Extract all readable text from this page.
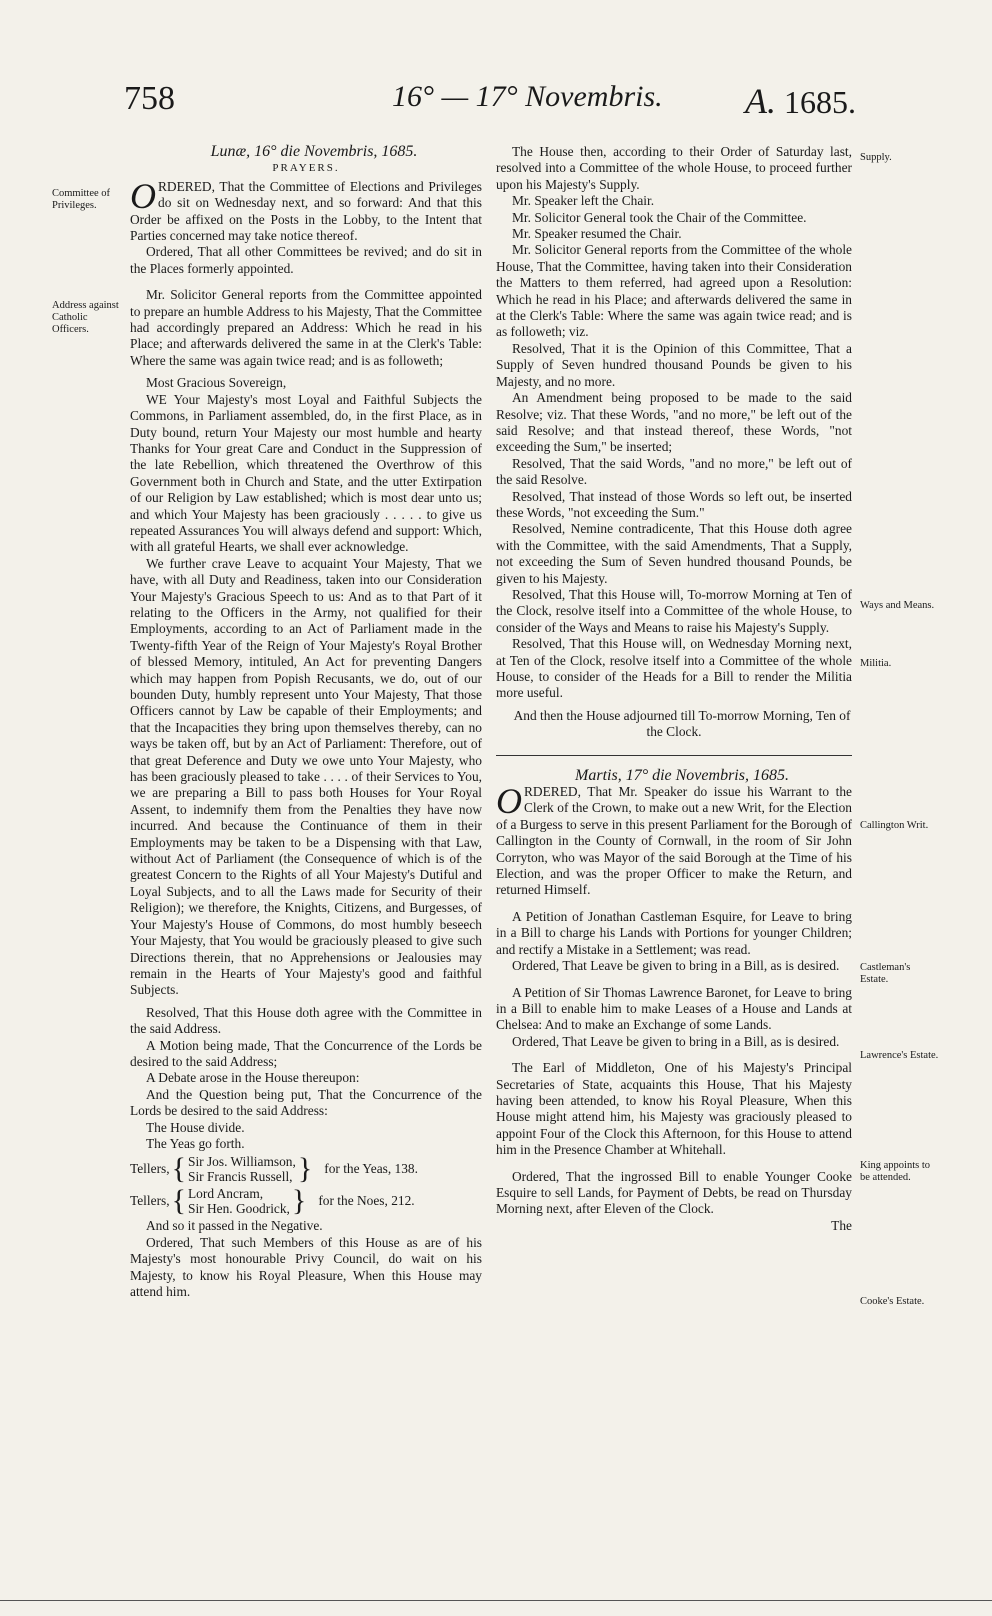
758	16° — 17° Novembris. A. 1685.
Committee of Privileges.
Address against Catholic Officers.
Supply.
Ways and Means.
Militia.
Callington Writ.
Castleman's Estate.
Lawrence's Estate.
King appoints to be attended.
Cooke's Estate.

Lunæ, 16° die Novembris, 1685.

PRAYERS.

ORDERED, That the Committee of Elections and Privileges do sit on Wednesday next, and so forward: And that this Order be affixed on the Posts in the Lobby, to the Intent that Parties concerned may take notice thereof.

Ordered, That all other Committees be revived; and do sit in the Places formerly appointed.

Mr. Solicitor General reports from the Committee appointed to prepare an humble Address to his Majesty, That the Committee had accordingly prepared an Address: Which he read in his Place; and afterwards delivered the same in at the Clerk's Table: Where the same was again twice read; and is as followeth;

Most Gracious Sovereign,

WE Your Majesty's most Loyal and Faithful Subjects the Commons, in Parliament assembled, do, in the first Place, as in Duty bound, return Your Majesty our most humble and hearty Thanks for Your great Care and Conduct in the Suppression of the late Rebellion, which threatened the Overthrow of this Government both in Church and State, and the utter Extirpation of our Religion by Law established; which is most dear unto us; and which Your Majesty has been graciously . . . . . to give us repeated Assurances You will always defend and support: Which, with all grateful Hearts, we shall ever acknowledge.

We further crave Leave to acquaint Your Majesty, That we have, with all Duty and Readiness, taken into our Consideration Your Majesty's Gracious Speech to us: And as to that Part of it relating to the Officers in the Army, not qualified for their Employments, according to an Act of Parliament made in the Twenty-fifth Year of the Reign of Your Majesty's Royal Brother of blessed Memory, intituled, An Act for preventing Dangers which may happen from Popish Recusants, we do, out of our bounden Duty, humbly represent unto Your Majesty, That those Officers cannot by Law be capable of their Employments; and that the Incapacities they bring upon themselves thereby, can no ways be taken off, but by an Act of Parliament: Therefore, out of that great Deference and Duty we owe unto Your Majesty, who has been graciously pleased to take . . . . of their Services to You, we are preparing a Bill to pass both Houses for Your Royal Assent, to indemnify them from the Penalties they have now incurred. And because the Continuance of them in their Employments may be taken to be a Dispensing with that Law, without Act of Parliament (the Consequence of which is of the greatest Concern to the Rights of all Your Majesty's Dutiful and Loyal Subjects, and to all the Laws made for Security of their Religion); we therefore, the Knights, Citizens, and Burgesses, of Your Majesty's House of Commons, do most humbly beseech Your Majesty, that You would be graciously pleased to give such Directions therein, that no Apprehensions or Jealousies may remain in the Hearts of Your Majesty's good and faithful Subjects.

Resolved, That this House doth agree with the Committee in the said Address.

A Motion being made, That the Concurrence of the Lords be desired to the said Address;

A Debate arose in the House thereupon:

And the Question being put, That the Concurrence of the Lords be desired to the said Address:

The House divide.

The Yeas go forth.

Tellers, { Sir Jos. Williamson,
Sir Francis Russell, } for the Yeas, 138.
Tellers, { Lord Ancram,
Sir Hen. Goodrick, } for the Noes, 212.

And so it passed in the Negative.

Ordered, That such Members of this House as are of his Majesty's most honourable Privy Council, do wait on his Majesty, to know his Royal Pleasure, When this House may attend him.

The House then, according to their Order of Saturday last, resolved into a Committee of the whole House, to proceed further upon his Majesty's Supply.

Mr. Speaker left the Chair.

Mr. Solicitor General took the Chair of the Committee.

Mr. Speaker resumed the Chair.

Mr. Solicitor General reports from the Committee of the whole House, That the Committee, having taken into their Consideration the Matters to them referred, had agreed upon a Resolution: Which he read in his Place; and afterwards delivered the same in at the Clerk's Table: Where the same was again twice read; and is as followeth; viz.

Resolved, That it is the Opinion of this Committee, That a Supply of Seven hundred thousand Pounds be given to his Majesty, and no more.

An Amendment being proposed to be made to the said Resolve; viz. That these Words, "and no more," be left out of the said Resolve; and that instead thereof, these Words, "not exceeding the Sum," be inserted;

Resolved, That the said Words, "and no more," be left out of the said Resolve.

Resolved, That instead of those Words so left out, be inserted these Words, "not exceeding the Sum."

Resolved, Nemine contradicente, That this House doth agree with the Committee, with the said Amendments, That a Supply, not exceeding the Sum of Seven hundred thousand Pounds, be given to his Majesty.

Resolved, That this House will, To-morrow Morning at Ten of the Clock, resolve itself into a Committee of the whole House, to consider of the Ways and Means to raise his Majesty's Supply.

Resolved, That this House will, on Wednesday Morning next, at Ten of the Clock, resolve itself into a Committee of the whole House, to consider of the Heads for a Bill to render the Militia more useful.

And then the House adjourned till To-morrow Morning, Ten of the Clock.

Martis, 17° die Novembris, 1685.

ORDERED, That Mr. Speaker do issue his Warrant to the Clerk of the Crown, to make out a new Writ, for the Election of a Burgess to serve in this present Parliament for the Borough of Callington in the County of Cornwall, in the room of Sir John Corryton, who was Mayor of the said Borough at the Time of his Election, and was the proper Officer to make the Return, and returned Himself.

A Petition of Jonathan Castleman Esquire, for Leave to bring in a Bill to charge his Lands with Portions for younger Children; and rectify a Mistake in a Settlement; was read.

Ordered, That Leave be given to bring in a Bill, as is desired.

A Petition of Sir Thomas Lawrence Baronet, for Leave to bring in a Bill to enable him to make Leases of a House and Lands at Chelsea: And to make an Exchange of some Lands.

Ordered, That Leave be given to bring in a Bill, as is desired.

The Earl of Middleton, One of his Majesty's Principal Secretaries of State, acquaints this House, That his Majesty having been attended, to know his Royal Pleasure, When this House might attend him, his Majesty was graciously pleased to appoint Four of the Clock this Afternoon, for this House to attend him in the Presence Chamber at Whitehall.

Ordered, That the ingrossed Bill to enable Younger Cooke Esquire to sell Lands, for Payment of Debts, be read on Thursday Morning next, after Eleven of the Clock.

The
